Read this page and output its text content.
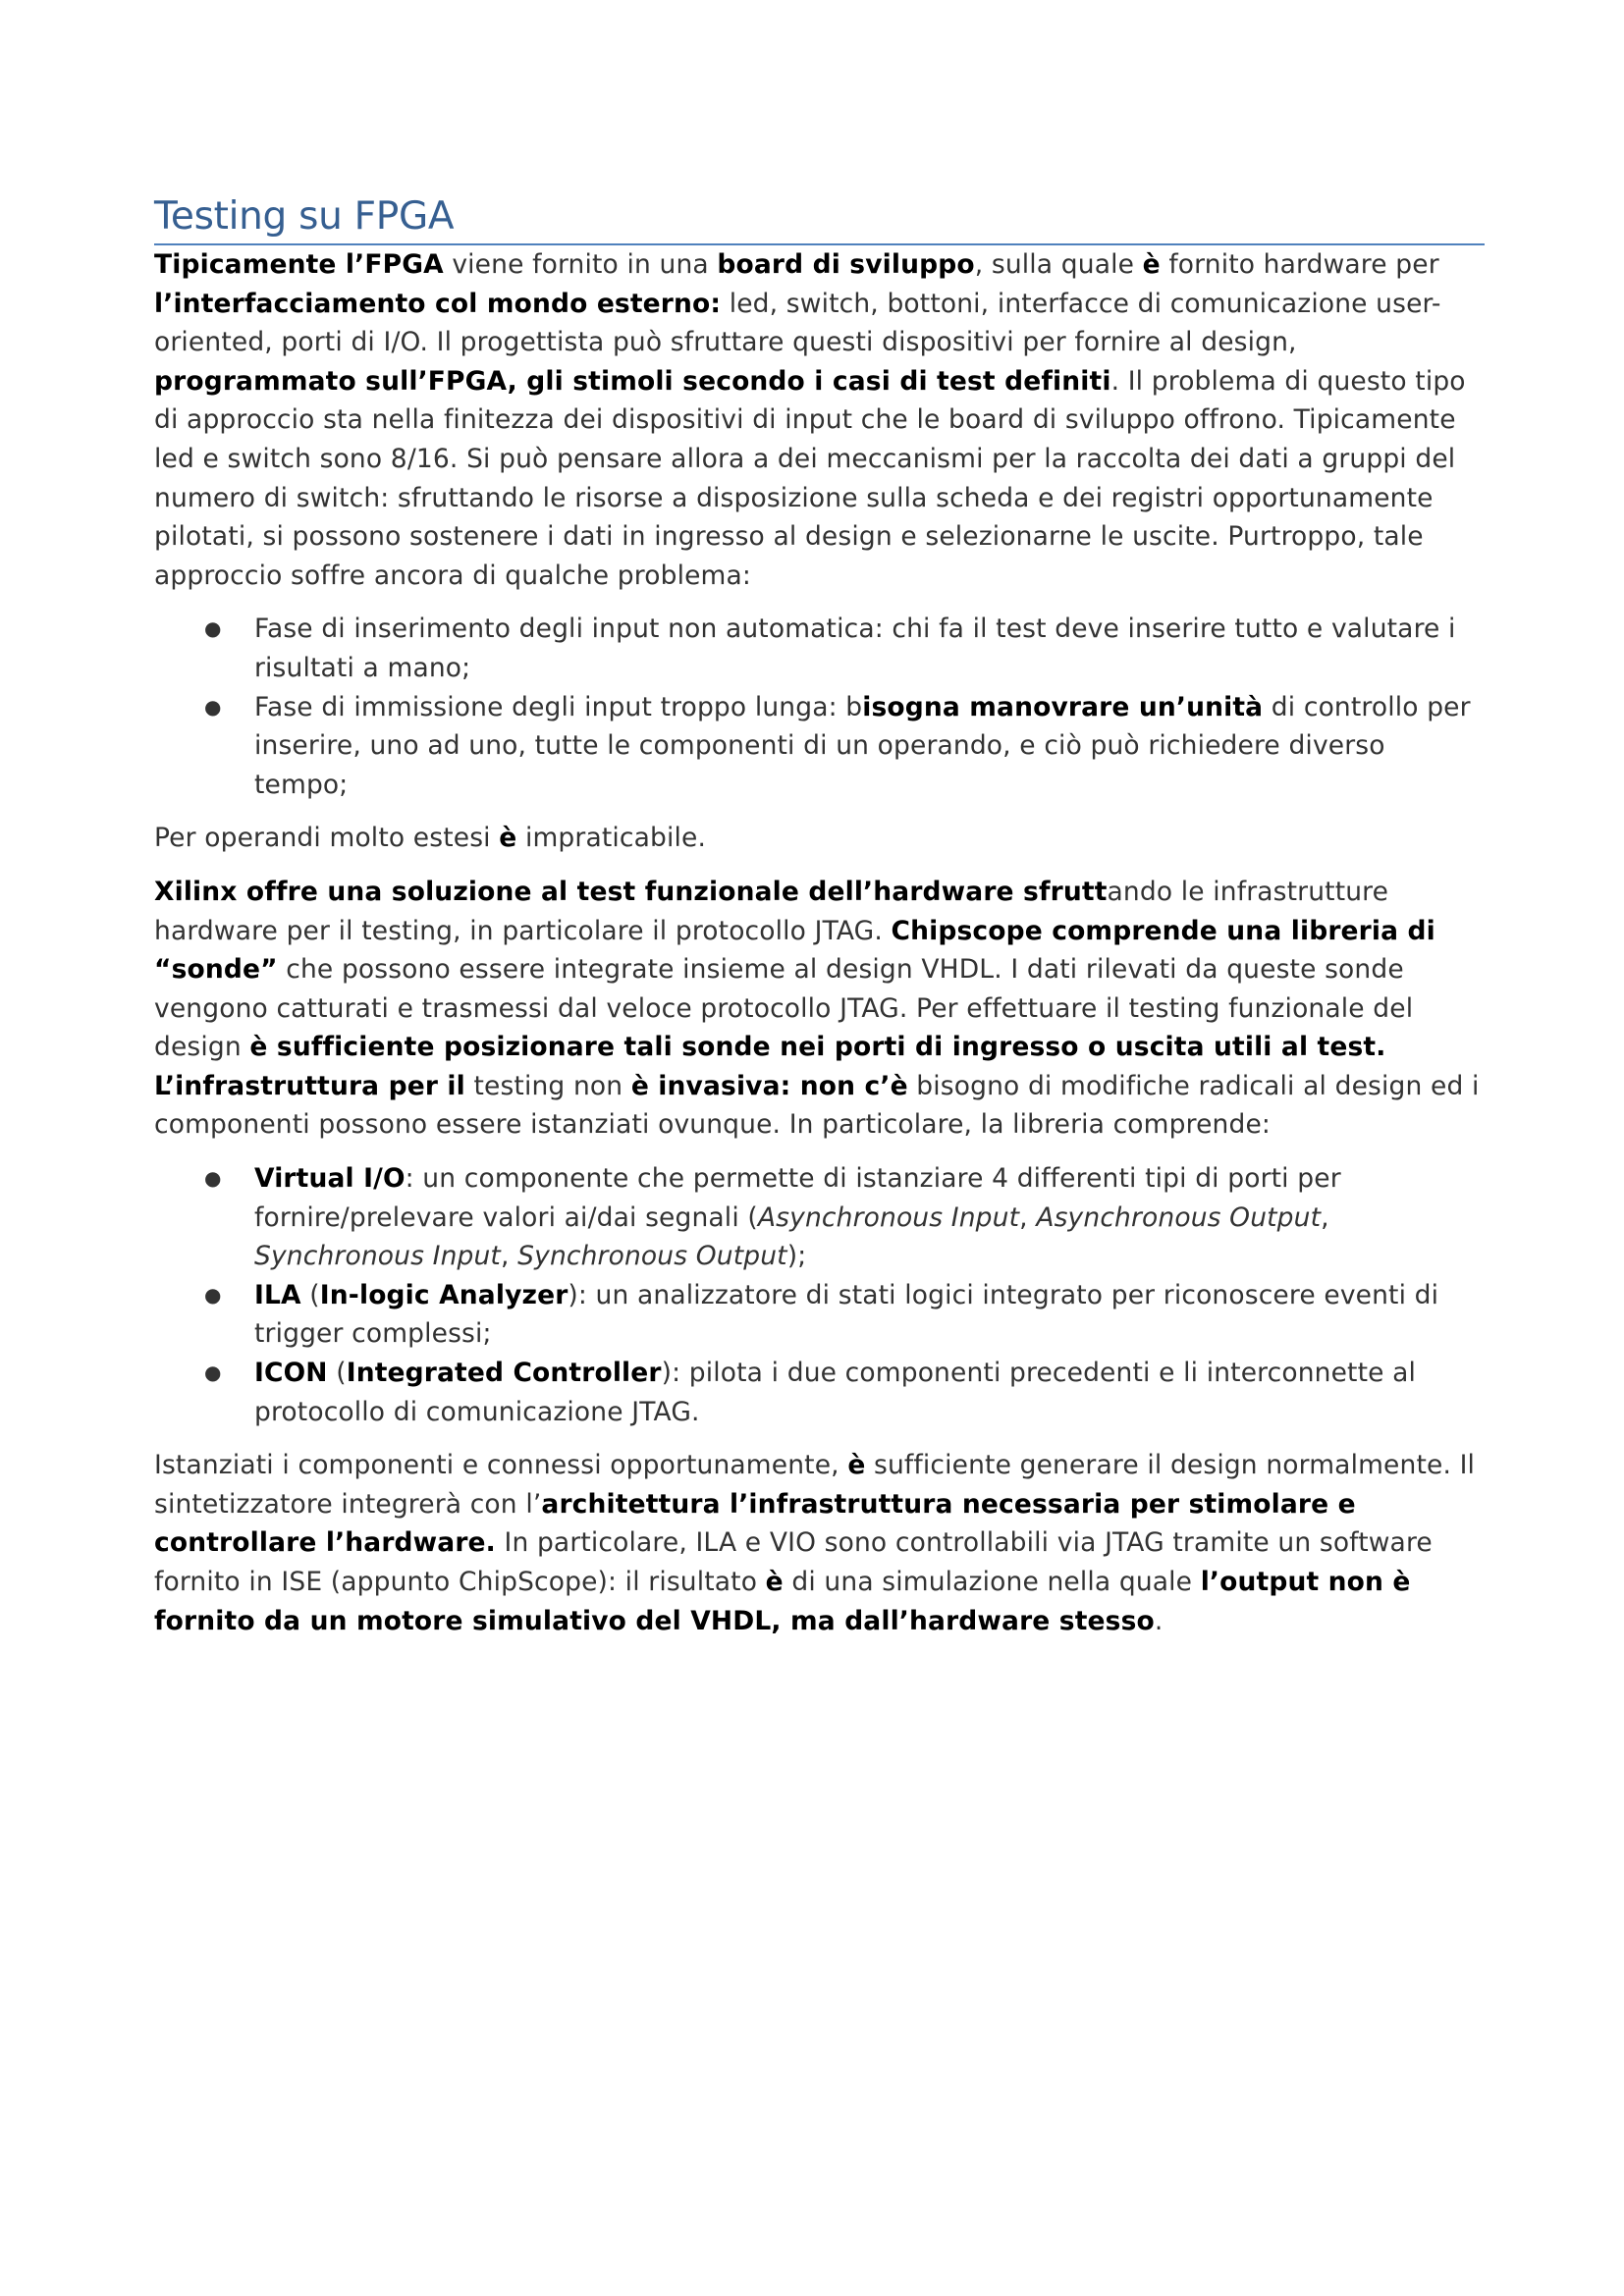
Testing su FPGA

Tipicamente l’FPGA viene fornito in una board di sviluppo, sulla quale è fornito hardware per l’interfacciamento col mondo esterno: led, switch, bottoni, interfacce di comunicazione user-oriented, porti di I/O. Il progettista può sfruttare questi dispositivi per fornire al design, programmato sull’FPGA, gli stimoli secondo i casi di test definiti. Il problema di questo tipo di approccio sta nella finitezza dei dispositivi di input che le board di sviluppo offrono. Tipicamente led e switch sono 8/16. Si può pensare allora a dei meccanismi per la raccolta dei dati a gruppi del numero di switch: sfruttando le risorse a disposizione sulla scheda e dei registri opportunamente pilotati, si possono sostenere i dati in ingresso al design e selezionarne le uscite. Purtroppo, tale approccio soffre ancora di qualche problema:

● Fase di inserimento degli input non automatica: chi fa il test deve inserire tutto e valutare i risultati a mano;
● Fase di immissione degli input troppo lunga: bisogna manovrare un’unità di controllo per inserire, uno ad uno, tutte le componenti di un operando, e ciò può richiedere diverso tempo;

Per operandi molto estesi è impraticabile.

Xilinx offre una soluzione al test funzionale dell’hardware sfruttando le infrastrutture hardware per il testing, in particolare il protocollo JTAG. Chipscope comprende una libreria di “sonde” che possono essere integrate insieme al design VHDL. I dati rilevati da queste sonde vengono catturati e trasmessi dal veloce protocollo JTAG. Per effettuare il testing funzionale del design è sufficiente posizionare tali sonde nei porti di ingresso o uscita utili al test. L’infrastruttura per il testing non è invasiva: non c’è bisogno di modifiche radicali al design ed i componenti possono essere istanziati ovunque. In particolare, la libreria comprende:

● Virtual I/O: un componente che permette di istanziare 4 differenti tipi di porti per fornire/prelevare valori ai/dai segnali (Asynchronous Input, Asynchronous Output, Synchronous Input, Synchronous Output);
● ILA (In-logic Analyzer): un analizzatore di stati logici integrato per riconoscere eventi di trigger complessi;
● ICON (Integrated Controller): pilota i due componenti precedenti e li interconnette al protocollo di comunicazione JTAG.

Istanziati i componenti e connessi opportunamente, è sufficiente generare il design normalmente. Il sintetizzatore integrerà con l’architettura l’infrastruttura necessaria per stimolare e controllare l’hardware. In particolare, ILA e VIO sono controllabili via JTAG tramite un software fornito in ISE (appunto ChipScope): il risultato è di una simulazione nella quale l’output non è fornito da un motore simulativo del VHDL, ma dall’hardware stesso.
